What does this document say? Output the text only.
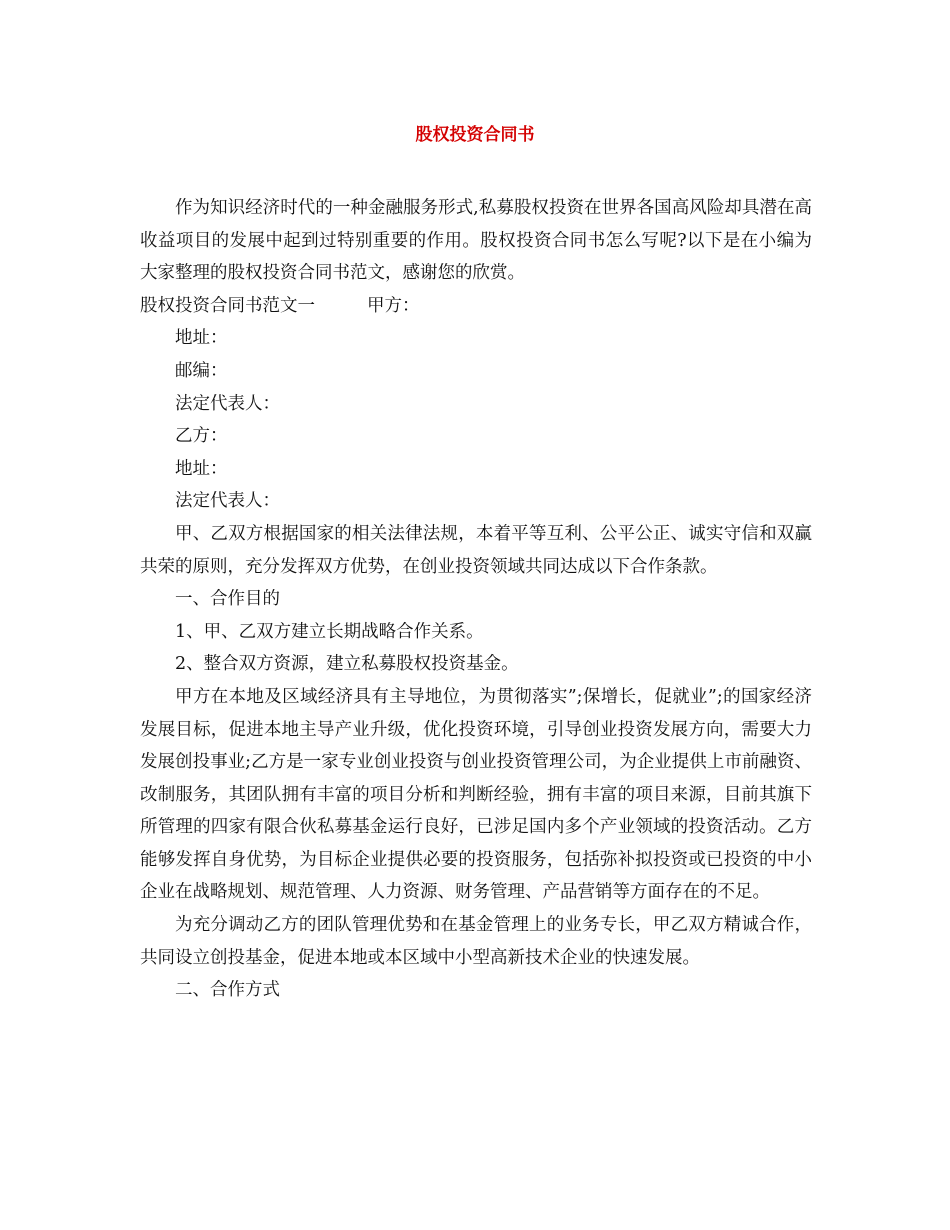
股权投资合同书

作为知识经济时代的一种金融服务形式,私募股权投资在世界各国高风险却具潜在高收益项目的发展中起到过特别重要的作用。股权投资合同书怎么写呢?以下是在小编为大家整理的股权投资合同书范文，感谢您的欣赏。

股权投资合同书范文一	甲方：

地址：

邮编：

法定代表人：

乙方：

地址：

法定代表人：

甲、乙双方根据国家的相关法律法规，本着平等互利、公平公正、诚实守信和双赢共荣的原则，充分发挥双方优势，在创业投资领域共同达成以下合作条款。

一、合作目的

1、甲、乙双方建立长期战略合作关系。

2、整合双方资源，建立私募股权投资基金。

甲方在本地及区域经济具有主导地位，为贯彻落实”;保增长，促就业”;的国家经济发展目标，促进本地主导产业升级，优化投资环境，引导创业投资发展方向，需要大力发展创投事业;乙方是一家专业创业投资与创业投资管理公司，为企业提供上市前融资、改制服务，其团队拥有丰富的项目分析和判断经验，拥有丰富的项目来源，目前其旗下所管理的四家有限合伙私募基金运行良好，已涉足国内多个产业领域的投资活动。乙方能够发挥自身优势，为目标企业提供必要的投资服务，包括弥补拟投资或已投资的中小企业在战略规划、规范管理、人力资源、财务管理、产品营销等方面存在的不足。

为充分调动乙方的团队管理优势和在基金管理上的业务专长，甲乙双方精诚合作，共同设立创投基金，促进本地或本区域中小型高新技术企业的快速发展。

二、合作方式
